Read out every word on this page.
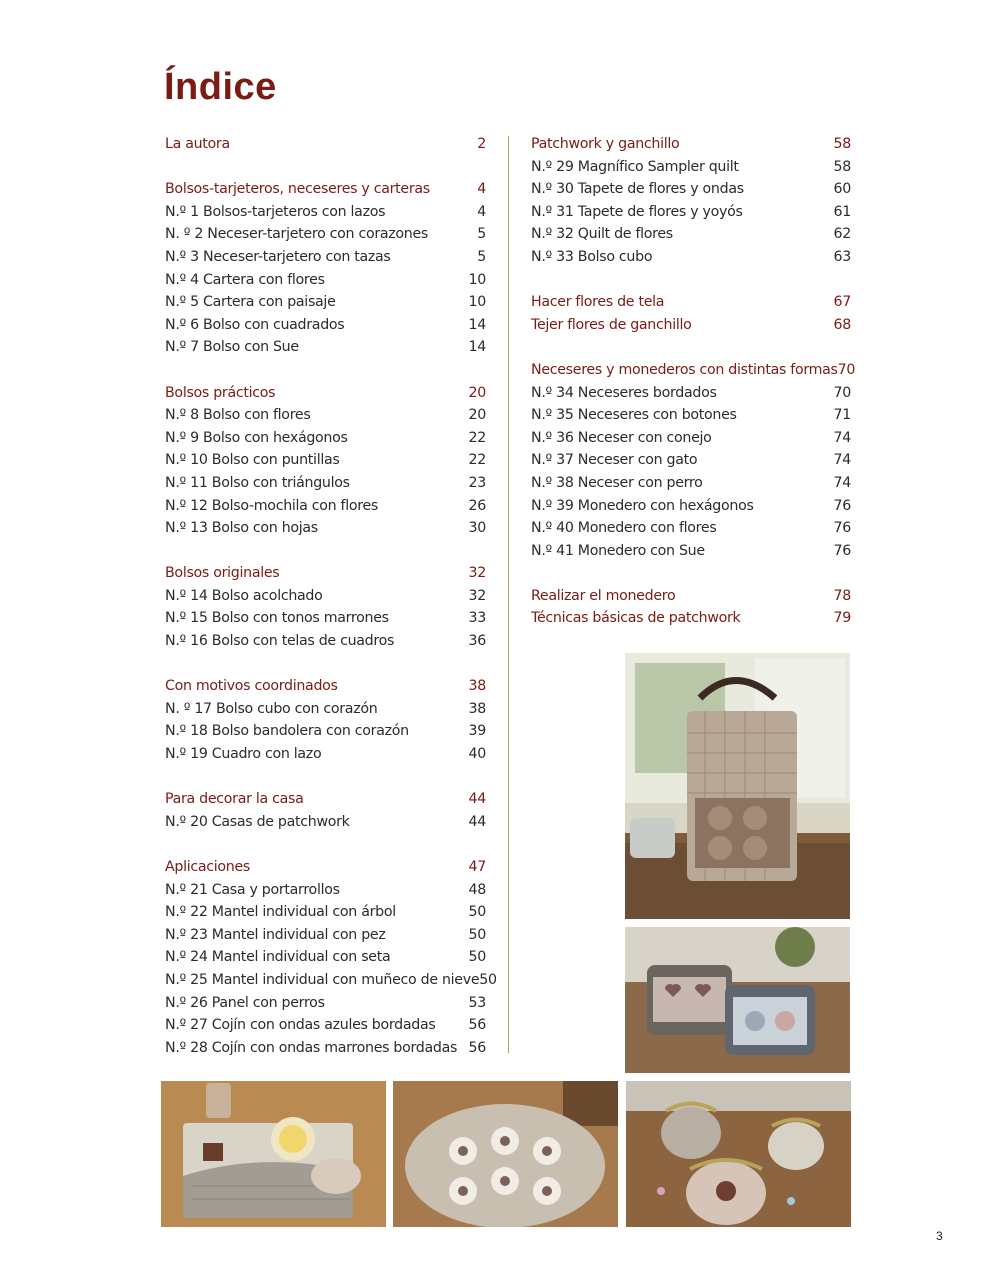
Índice
La autora	2
Bolsos-tarjeteros, neceseres y carteras	4
N.º 1 Bolsos-tarjeteros con lazos	4
N. º 2 Neceser-tarjetero con corazones	5
N.º 3 Neceser-tarjetero con tazas	5
N.º 4 Cartera con flores	10
N.º 5 Cartera con paisaje	10
N.º 6 Bolso con cuadrados	14
N.º 7 Bolso con Sue	14
Bolsos prácticos	20
N.º 8 Bolso con flores	20
N.º 9 Bolso con hexágonos	22
N.º 10 Bolso con puntillas	22
N.º 11 Bolso con triángulos	23
N.º 12 Bolso-mochila con flores	26
N.º 13 Bolso con hojas	30
Bolsos originales	32
N.º 14 Bolso acolchado	32
N.º 15 Bolso con tonos marrones	33
N.º 16 Bolso con telas de cuadros	36
Con motivos coordinados	38
N. º 17 Bolso cubo con corazón	38
N.º 18 Bolso bandolera con corazón	39
N.º 19 Cuadro con lazo	40
Para decorar la casa	44
N.º 20 Casas de patchwork	44
Aplicaciones	47
N.º 21 Casa y portarrollos	48
N.º 22 Mantel individual con árbol	50
N.º 23 Mantel individual con pez	50
N.º 24 Mantel individual con seta	50
N.º 25 Mantel individual con muñeco de nieve 50
N.º 26 Panel con perros	53
N.º 27 Cojín con ondas azules bordadas 56
N.º 28 Cojín con ondas marrones bordadas 56
Patchwork y ganchillo	58
N.º 29 Magnífico Sampler quilt	58
N.º 30 Tapete de flores y ondas	60
N.º 31 Tapete de flores y yoyós	61
N.º 32 Quilt de flores	62
N.º 33 Bolso cubo	63
Hacer flores de tela	67
Tejer flores de ganchillo	68
Neceseres y monederos con distintas formas 70
N.º 34 Neceseres bordados	70
N.º 35 Neceseres con botones	71
N.º 36 Neceser con conejo	74
N.º 37 Neceser con gato	74
N.º 38 Neceser con perro	74
N.º 39 Monedero con hexágonos	76
N.º 40 Monedero con flores	76
N.º 41 Monedero con Sue	76
Realizar el monedero	78
Técnicas básicas de patchwork	79
3
